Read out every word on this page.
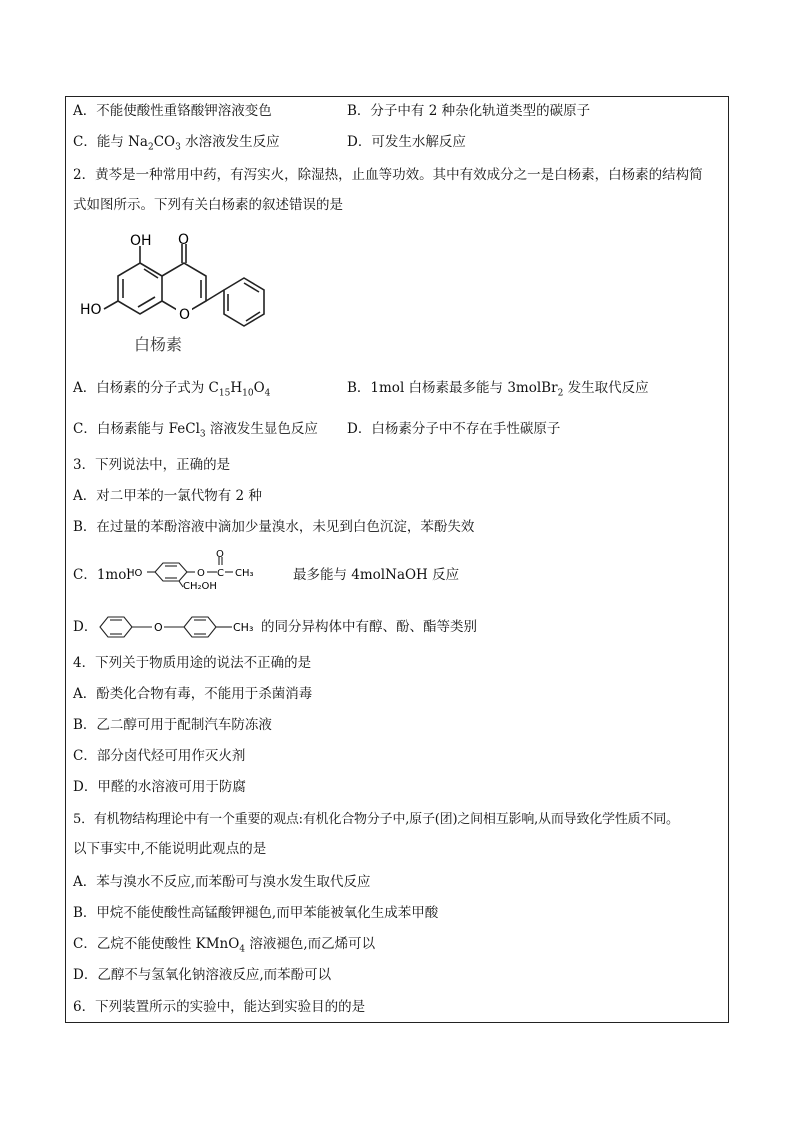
A．不能使酸性重铬酸钾溶液变色	B．分子中有 2 种杂化轨道类型的碳原子
C．能与 $Na_2CO_3$ 水溶液发生反应	D．可发生水解反应
2．黄芩是一种常用中药，有泻实火，除湿热，止血等功效。其中有效成分之一是白杨素，白杨素的结构简
式如图所示。下列有关白杨素的叙述错误的是
OH O
O
HO
白杨素
A．白杨素的分子式为 $C_{15}H_{10}O_4$	B．1mol 白杨素最多能与 3molBr$_2$ 发生取代反应
C．白杨素能与 FeCl$_3$ 溶液发生显色反应 D．白杨素分子中不存在手性碳原子
3．下列说法中，正确的是
A．对二甲苯的一氯代物有 2 种
B．在过量的苯酚溶液中滴加少量溴水，未见到白色沉淀，苯酚失效
C．1mol
HO	O C
O
CH₃
CH₂OH
最多能与 4molNaOH 反应
D．	O	CH₃ 的同分异构体中有醇、酚、酯等类别
4．下列关于物质用途的说法不正确的是
A．酚类化合物有毒，不能用于杀菌消毒
B．乙二醇可用于配制汽车防冻液
C．部分卤代烃可用作灭火剂
D．甲醛的水溶液可用于防腐
5．有机物结构理论中有一个重要的观点:有机化合物分子中,原子(团)之间相互影响,从而导致化学性质不同。
以下事实中,不能说明此观点的是
A．苯与溴水不反应,而苯酚可与溴水发生取代反应
B．甲烷不能使酸性高锰酸钾褪色,而甲苯能被氧化生成苯甲酸
C．乙烷不能使酸性 KMnO$_4$ 溶液褪色,而乙烯可以
D．乙醇不与氢氧化钠溶液反应,而苯酚可以
6．下列装置所示的实验中，能达到实验目的的是
